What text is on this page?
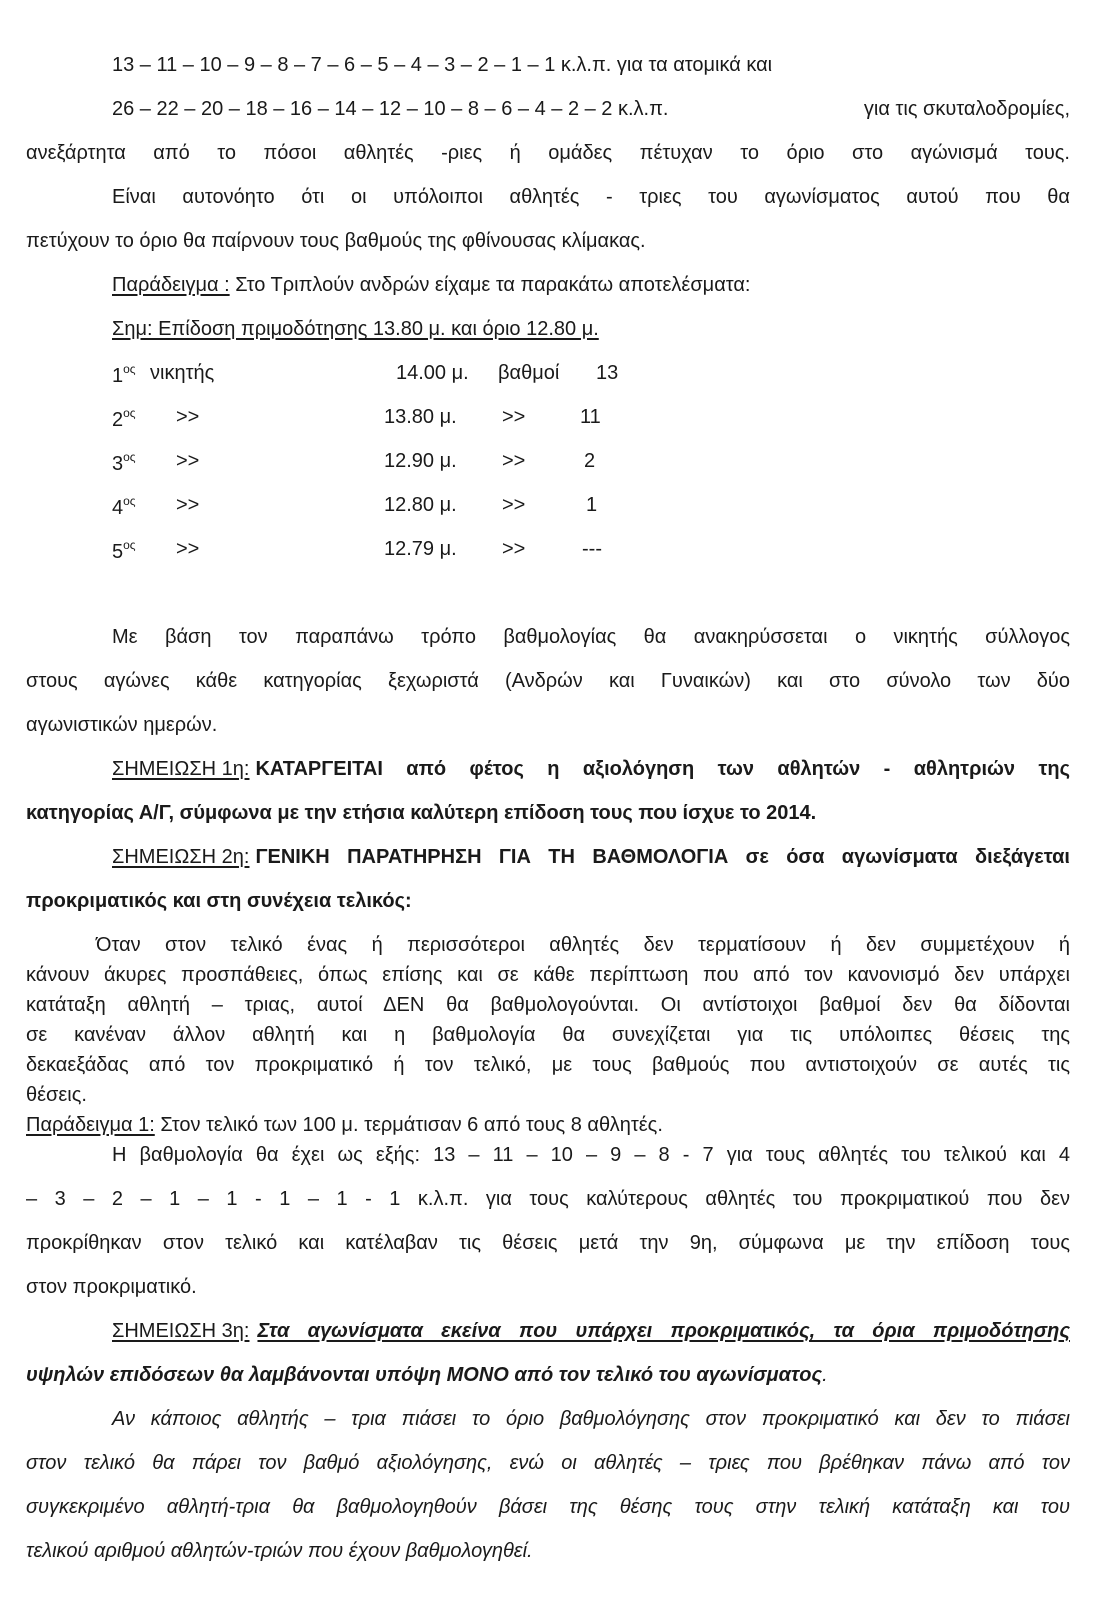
13 – 11 – 10 – 9 – 8 – 7 – 6 – 5 – 4 – 3 – 2 – 1 – 1 κ.λ.π. για τα ατομικά και
26 – 22 – 20 – 18 – 16 – 14 – 12 – 10 – 8 – 6 – 4 – 2 – 2 κ.λ.π.	για τις σκυταλοδρομίες,
ανεξάρτητα από το πόσοι αθλητές -ριες ή ομάδες πέτυχαν το όριο στο αγώνισμά τους.
Είναι αυτονόητο ότι οι υπόλοιποι αθλητές - τριες του αγωνίσματος αυτού που θα
πετύχουν το όριο θα παίρνουν τους βαθμούς της φθίνουσας κλίμακας.
Παράδειγμα : Στο Τριπλούν ανδρών είχαμε τα παρακάτω αποτελέσματα:
Σημ: Επίδοση πριμοδότησης 13.80 μ. και όριο 12.80 μ.
$1^{o\varsigma}$ νικητής	14.00 μ. βαθμοί 13
$2^{o\varsigma}$ >>	13.80 μ. >>	11
$3^{o\varsigma}$ >>	12.90 μ. >>	2
$4^{o\varsigma}$ >>	12.80 μ. >>	1
$5^{o\varsigma}$ >>	12.79 μ. >>	---
Με βάση τον παραπάνω τρόπο βαθμολογίας θα ανακηρύσσεται ο νικητής σύλλογος
στους αγώνες κάθε κατηγορίας ξεχωριστά (Ανδρών και Γυναικών) και στο σύνολο των δύο
αγωνιστικών ημερών.
ΣΗΜΕΙΩΣΗ 1η: ΚΑΤΑΡΓΕΙΤΑΙ από φέτος η αξιολόγηση των αθλητών - αθλητριών της
κατηγορίας Α/Γ, σύμφωνα με την ετήσια καλύτερη επίδοση τους που ίσχυε το 2014.
ΣΗΜΕΙΩΣΗ 2η: ΓΕΝΙΚΗ ΠΑΡΑΤΗΡΗΣΗ ΓΙΑ ΤΗ ΒΑΘΜΟΛΟΓΙΑ σε όσα αγωνίσματα διεξάγεται
προκριματικός και στη συνέχεια τελικός:
Όταν στον τελικό ένας ή περισσότεροι αθλητές δεν τερματίσουν ή δεν συμμετέχουν ή
κάνουν άκυρες προσπάθειες, όπως επίσης και σε κάθε περίπτωση που από τον κανονισμό δεν υπάρχει
κατάταξη αθλητή – τριας, αυτοί ΔΕΝ θα βαθμολογούνται. Οι αντίστοιχοι βαθμοί δεν θα δίδονται
σε κανέναν άλλον αθλητή και η βαθμολογία θα συνεχίζεται για τις υπόλοιπες θέσεις της
δεκαεξάδας από τον προκριματικό ή τον τελικό, με τους βαθμούς που αντιστοιχούν σε αυτές τις
θέσεις.
Παράδειγμα 1: Στον τελικό των 100 μ. τερμάτισαν 6 από τους 8 αθλητές.
Η βαθμολογία θα έχει ως εξής: 13 – 11 – 10 – 9 – 8 - 7 για τους αθλητές του τελικού και 4
– 3 – 2 – 1 – 1 - 1 – 1 - 1 κ.λ.π. για τους καλύτερους αθλητές του προκριματικού που δεν
προκρίθηκαν στον τελικό και κατέλαβαν τις θέσεις μετά την 9η, σύμφωνα με την επίδοση τους
στον προκριματικό.
ΣΗΜΕΙΩΣΗ 3η: Στα αγωνίσματα εκείνα που υπάρχει προκριματικός, τα όρια πριμοδότησης
υψηλών επιδόσεων θα λαμβάνονται υπόψη ΜΟΝΟ από τον τελικό του αγωνίσματος.
Αν κάποιος αθλητής – τρια πιάσει το όριο βαθμολόγησης στον προκριματικό και δεν το πιάσει
στον τελικό θα πάρει τον βαθμό αξιολόγησης, ενώ οι αθλητές – τριες που βρέθηκαν πάνω από τον
συγκεκριμένο αθλητή-τρια θα βαθμολογηθούν βάσει της θέσης τους στην τελική κατάταξη και του
τελικού αριθμού αθλητών-τριών που έχουν βαθμολογηθεί.
